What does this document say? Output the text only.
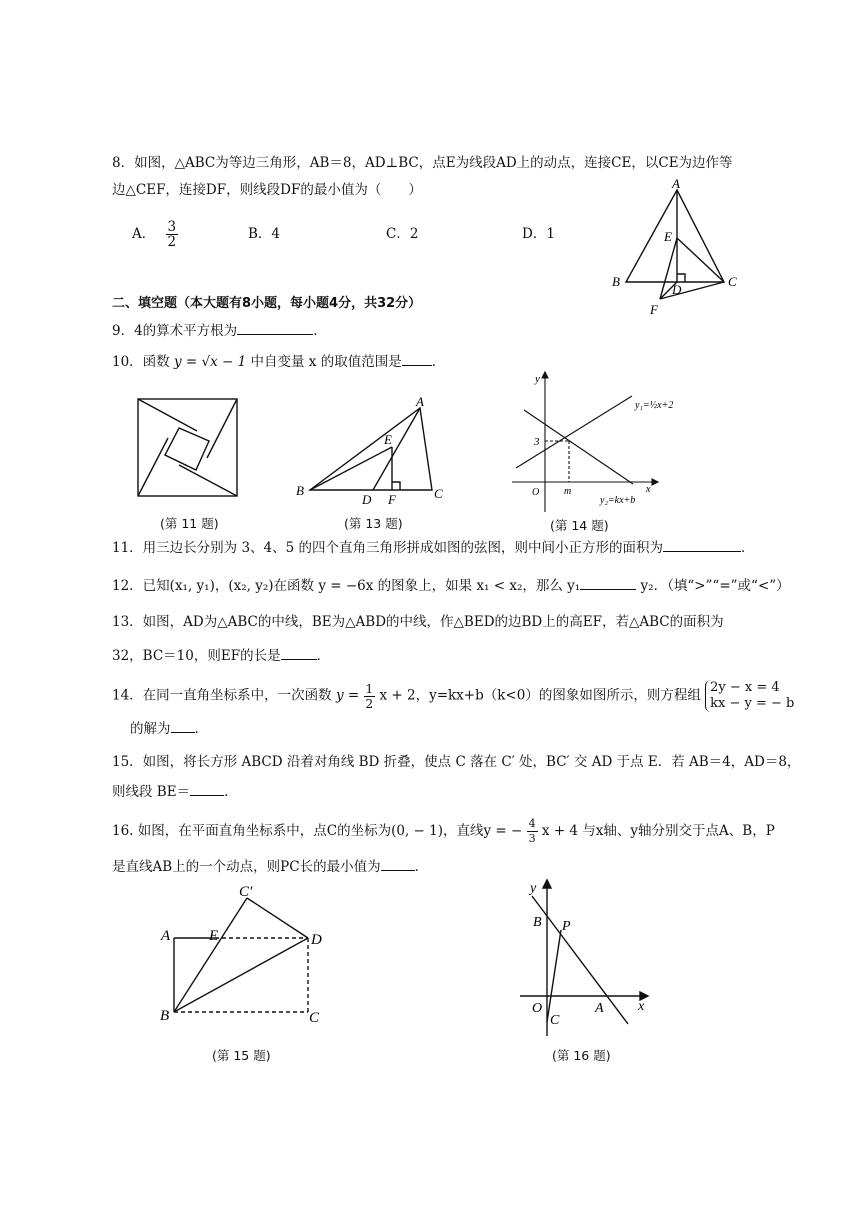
8．如图，△ABC为等边三角形，AB＝8，AD⊥BC，点E为线段AD上的动点，连接CE，以CE为边作等
边△CEF，连接DF，则线段DF的最小值为（　　）
A． $\frac{3}{2}$	B．4	C．2	D．1
A
E
B
D
C
F
二、填空题（本大题有8小题，每小题4分，共32分）
9．4的算术平方根为	．
10．函数 y = √x − 1 中自变量 x 的取值范围是 ．
(第 11 题)
A
E
B
D F	C
(第 13 题)
y
x
O m
3
y₁=½x+2
y₂=kx+b
(第 14 题)
11．用三边长分别为 3、4、5 的四个直角三角形拼成如图的弦图，则中间小正方形的面积为	．
12．已知(x₁, y₁)，(x₂, y₂)在函数 y = −6x 的图象上，如果 x₁ < x₂，那么 y₁	y₂．（填“>”“=”或“<”）
13．如图，AD为△ABC的中线，BE为△ABD的中线，作△BED的边BD上的高EF，若△ABC的面积为
32，BC＝10，则EF的长是	．
14．在同一直角坐标系中，一次函数 $y = \frac{1}{2}$ x + 2，y=kx+b（k<0）的图象如图所示，则方程组 2y − x = 4
kx − y = − b
的解为 ．
15．如图，将长方形 ABCD 沿着对角线 BD 折叠，使点 C 落在 C′ 处，BC′ 交 AD 于点 E．若 AB＝4，AD＝8，
则线段 BE＝	．
16. 如图，在平面直角坐标系中，点C的坐标为(0, − 1)，直线y = − $\frac{4}{3}$ x + 4 与x轴、y轴分别交于点A、B，P
是直线AB上的一个动点，则PC长的最小值为	．
C′
A	E	D
B	C
(第 15 题)
y
B P
O	A x
C
(第 16 题)
